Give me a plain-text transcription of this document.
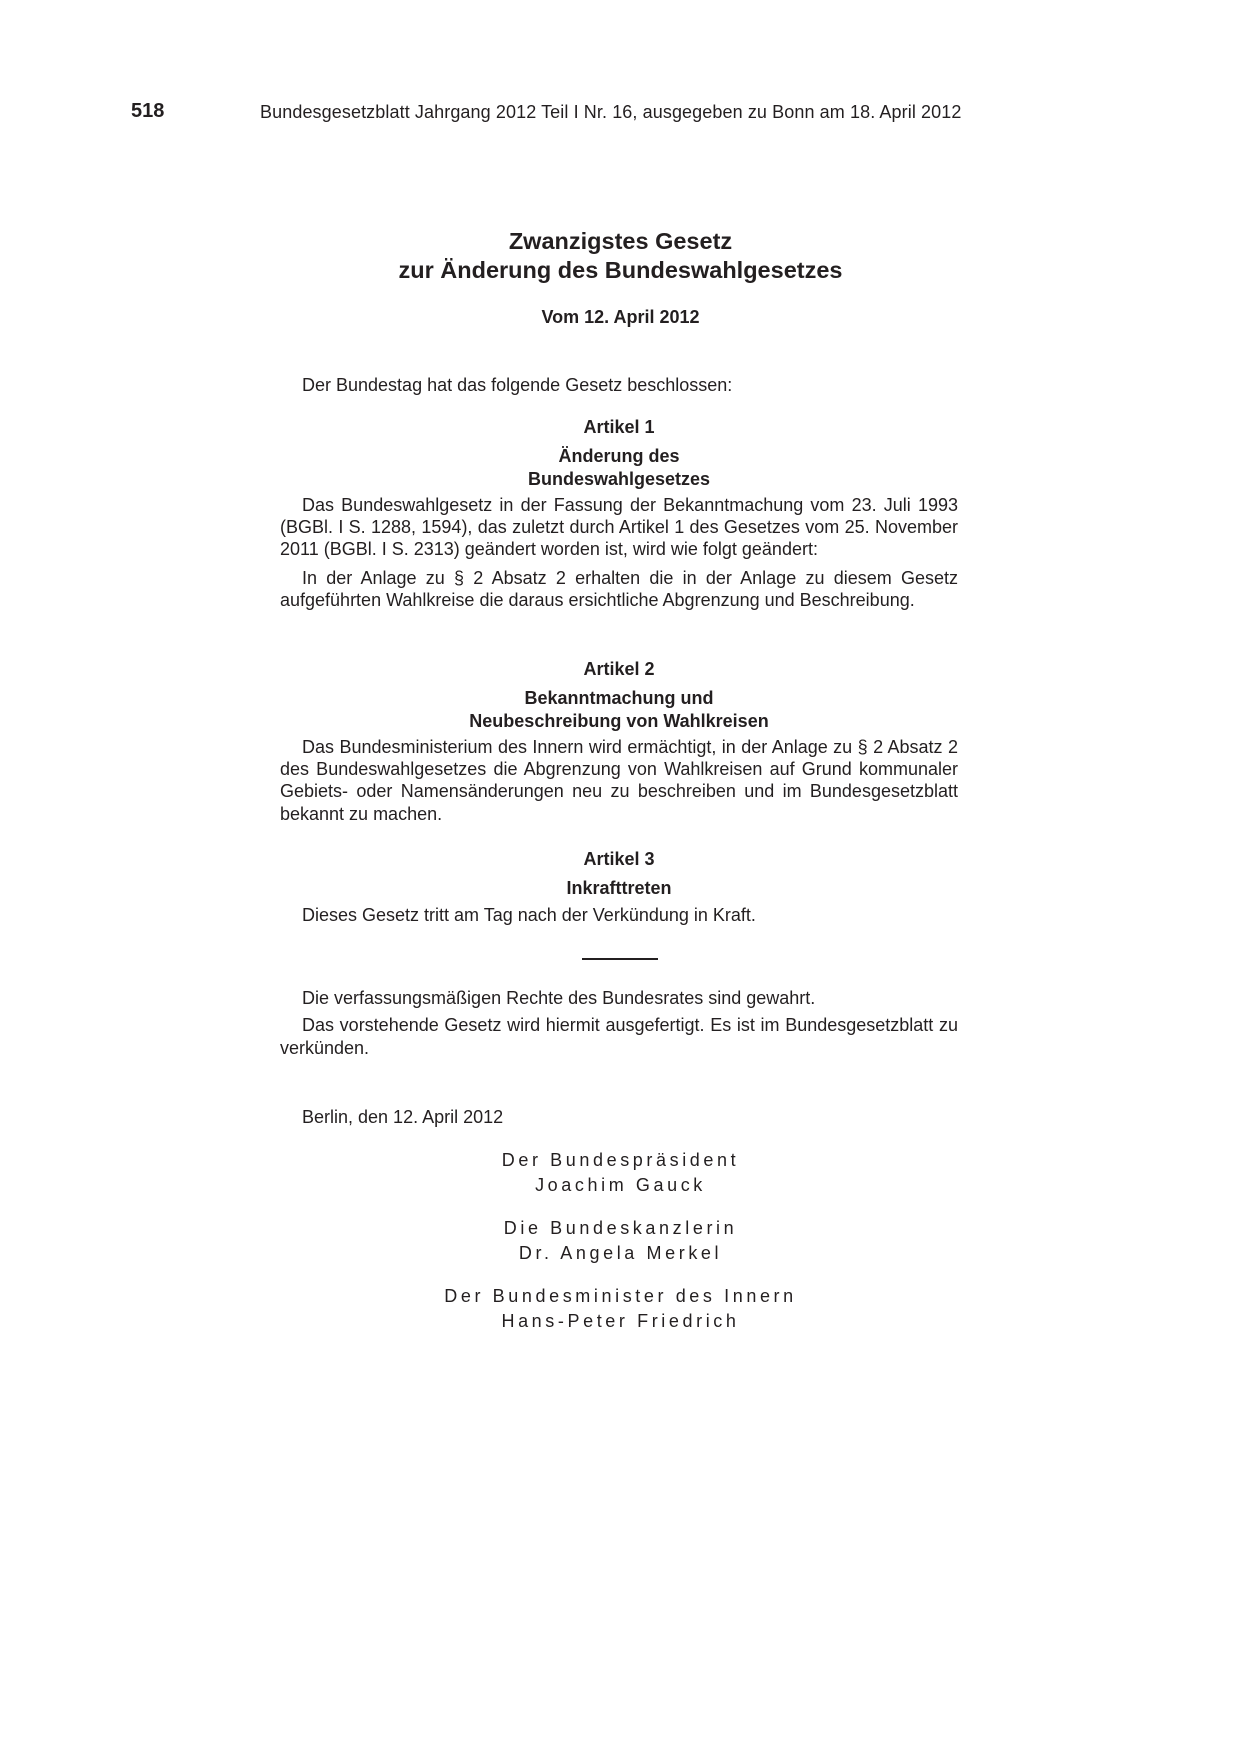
518	Bundesgesetzblatt Jahrgang 2012 Teil I Nr. 16, ausgegeben zu Bonn am 18. April 2012
Zwanzigstes Gesetz
zur Änderung des Bundeswahlgesetzes
Vom 12. April 2012

Der Bundestag hat das folgende Gesetz beschlossen:

Artikel 1

Änderung des

Bundeswahlgesetzes

Das Bundeswahlgesetz in der Fassung der Bekanntmachung vom 23. Juli 1993 (BGBl. I S. 1288, 1594), das zuletzt durch Artikel 1 des Gesetzes vom 25. November 2011 (BGBl. I S. 2313) geändert worden ist, wird wie folgt geändert:

In der Anlage zu § 2 Absatz 2 erhalten die in der Anlage zu diesem Gesetz aufgeführten Wahlkreise die daraus ersichtliche Abgrenzung und Beschreibung.

Artikel 2

Bekanntmachung und

Neubeschreibung von Wahlkreisen

Das Bundesministerium des Innern wird ermächtigt, in der Anlage zu § 2 Absatz 2 des Bundeswahlgesetzes die Abgrenzung von Wahlkreisen auf Grund kommunaler Gebiets- oder Namensänderungen neu zu beschreiben und im Bundesgesetzblatt bekannt zu machen.

Artikel 3

Inkrafttreten

Dieses Gesetz tritt am Tag nach der Verkündung in Kraft.

Die verfassungsmäßigen Rechte des Bundesrates sind gewahrt.

Das vorstehende Gesetz wird hiermit ausgefertigt. Es ist im Bundesgesetzblatt zu verkünden.

Berlin, den 12. April 2012

Der Bundespräsident
Joachim Gauck
Die Bundeskanzlerin
Dr. Angela Merkel
Der Bundesminister des Innern
Hans-Peter Friedrich
